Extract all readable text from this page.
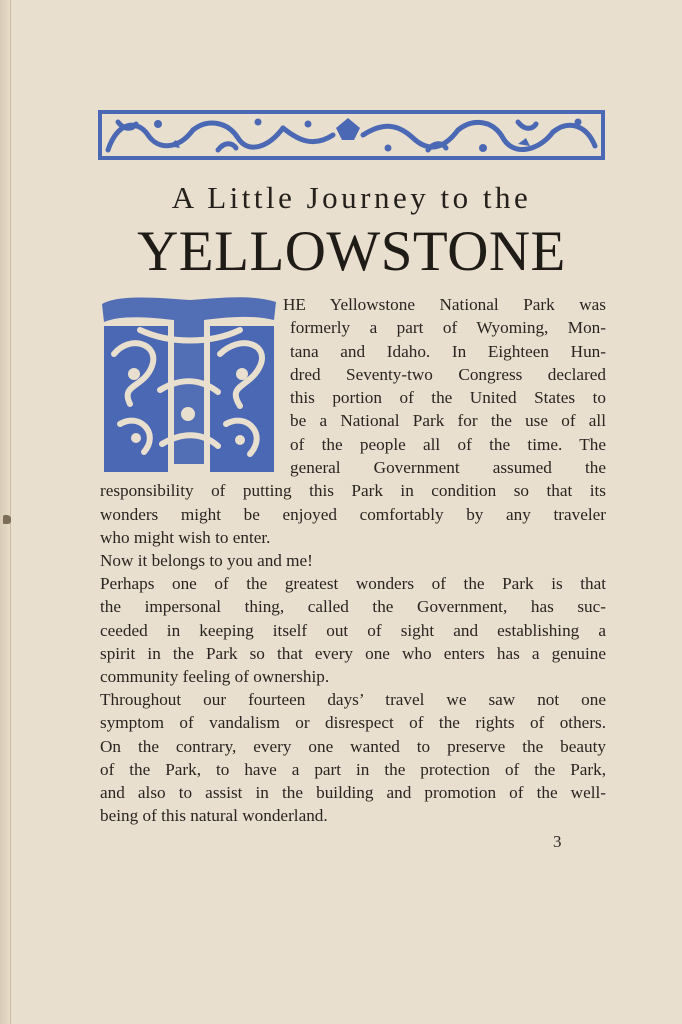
A Little Journey to the
YELLOWSTONE
HE Yellowstone National Park was
formerly a part of Wyoming, Mon-
tana and Idaho. In Eighteen Hun-
dred Seventy-two Congress declared
this portion of the United States to
be a National Park for the use of all
of the people all of the time. The
general Government assumed the
responsibility of putting this Park in condition so that its
wonders might be enjoyed comfortably by any traveler
who might wish to enter.
Now it belongs to you and me!
Perhaps one of the greatest wonders of the Park is that
the impersonal thing, called the Government, has suc-
ceeded in keeping itself out of sight and establishing a
spirit in the Park so that every one who enters has a genuine
community feeling of ownership.
Throughout our fourteen days’ travel we saw not one
symptom of vandalism or disrespect of the rights of others.
On the contrary, every one wanted to preserve the beauty
of the Park, to have a part in the protection of the Park,
and also to assist in the building and promotion of the well-
being of this natural wonderland.
3
